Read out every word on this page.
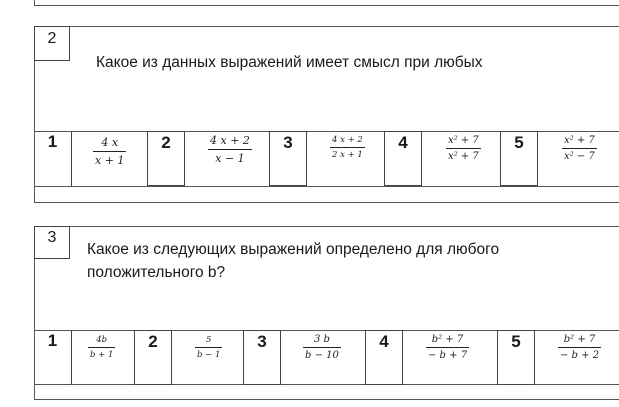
2
Какое из данных выражений имеет смысл при любых
1	4 x
x + 1
2	4 x + 2
x − 1
3	4 x + 2
2 x + 1
4	x² + 7
x² + 7
5	x² + 7
x² − 7
3
Какое из следующих выражений определено для любого
положительного b?
1	4b
b + 1
2	5
b − 1
3	3 b
b − 10
4	b² + 7
− b + 7
5	b² + 7
− b + 2
